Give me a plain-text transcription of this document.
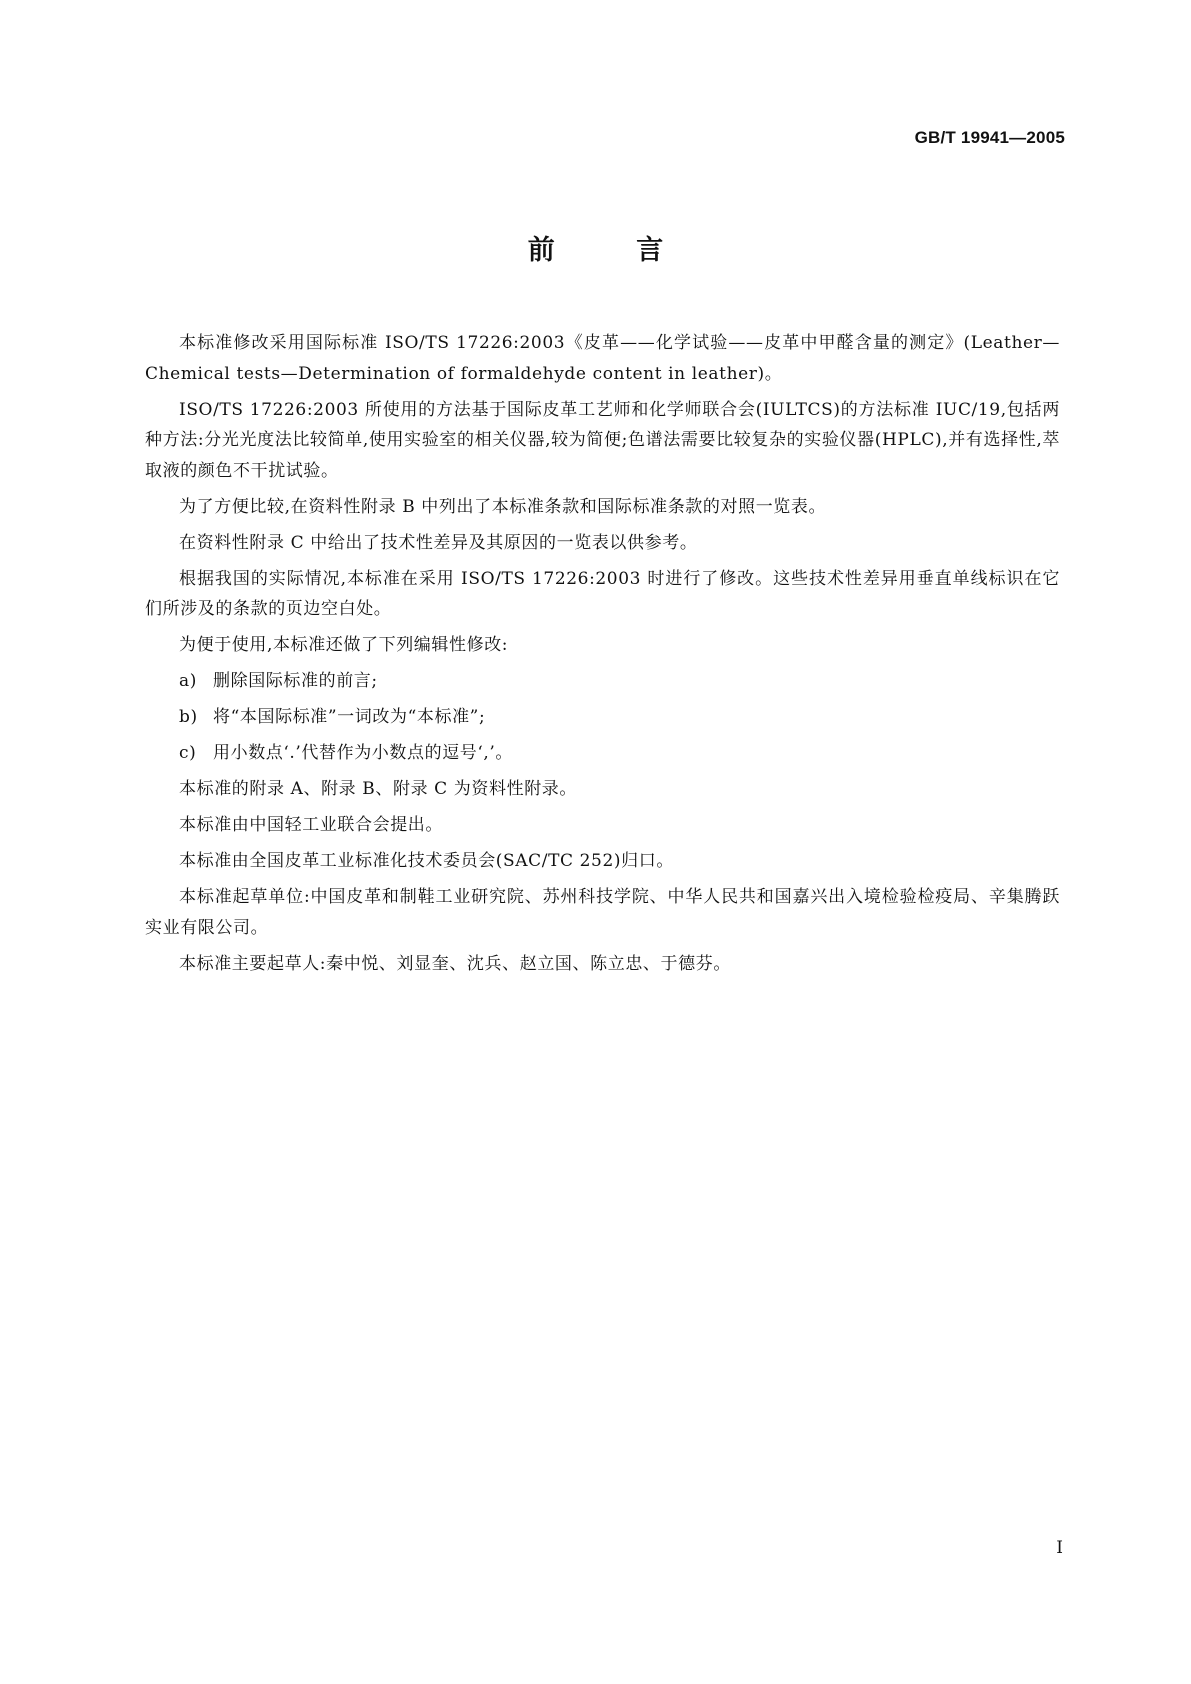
GB/T 19941—2005
前 言

本标准修改采用国际标准 ISO/TS 17226:2003《皮革——化学试验——皮革中甲醛含量的测定》(Leather—Chemical tests—Determination of formaldehyde content in leather)。

ISO/TS 17226:2003 所使用的方法基于国际皮革工艺师和化学师联合会(IULTCS)的方法标准 IUC/19,包括两种方法:分光光度法比较简单,使用实验室的相关仪器,较为简便;色谱法需要比较复杂的实验仪器(HPLC),并有选择性,萃取液的颜色不干扰试验。

为了方便比较,在资料性附录 B 中列出了本标准条款和国际标准条款的对照一览表。

在资料性附录 C 中给出了技术性差异及其原因的一览表以供参考。

根据我国的实际情况,本标准在采用 ISO/TS 17226:2003 时进行了修改。这些技术性差异用垂直单线标识在它们所涉及的条款的页边空白处。

为便于使用,本标准还做了下列编辑性修改:

a) 删除国际标准的前言;
b) 将“本国际标准”一词改为“本标准”;
c) 用小数点‘.’代替作为小数点的逗号‘,’。

本标准的附录 A、附录 B、附录 C 为资料性附录。

本标准由中国轻工业联合会提出。

本标准由全国皮革工业标准化技术委员会(SAC/TC 252)归口。

本标准起草单位:中国皮革和制鞋工业研究院、苏州科技学院、中华人民共和国嘉兴出入境检验检疫局、辛集腾跃实业有限公司。

本标准主要起草人:秦中悦、刘显奎、沈兵、赵立国、陈立忠、于德芬。

I
